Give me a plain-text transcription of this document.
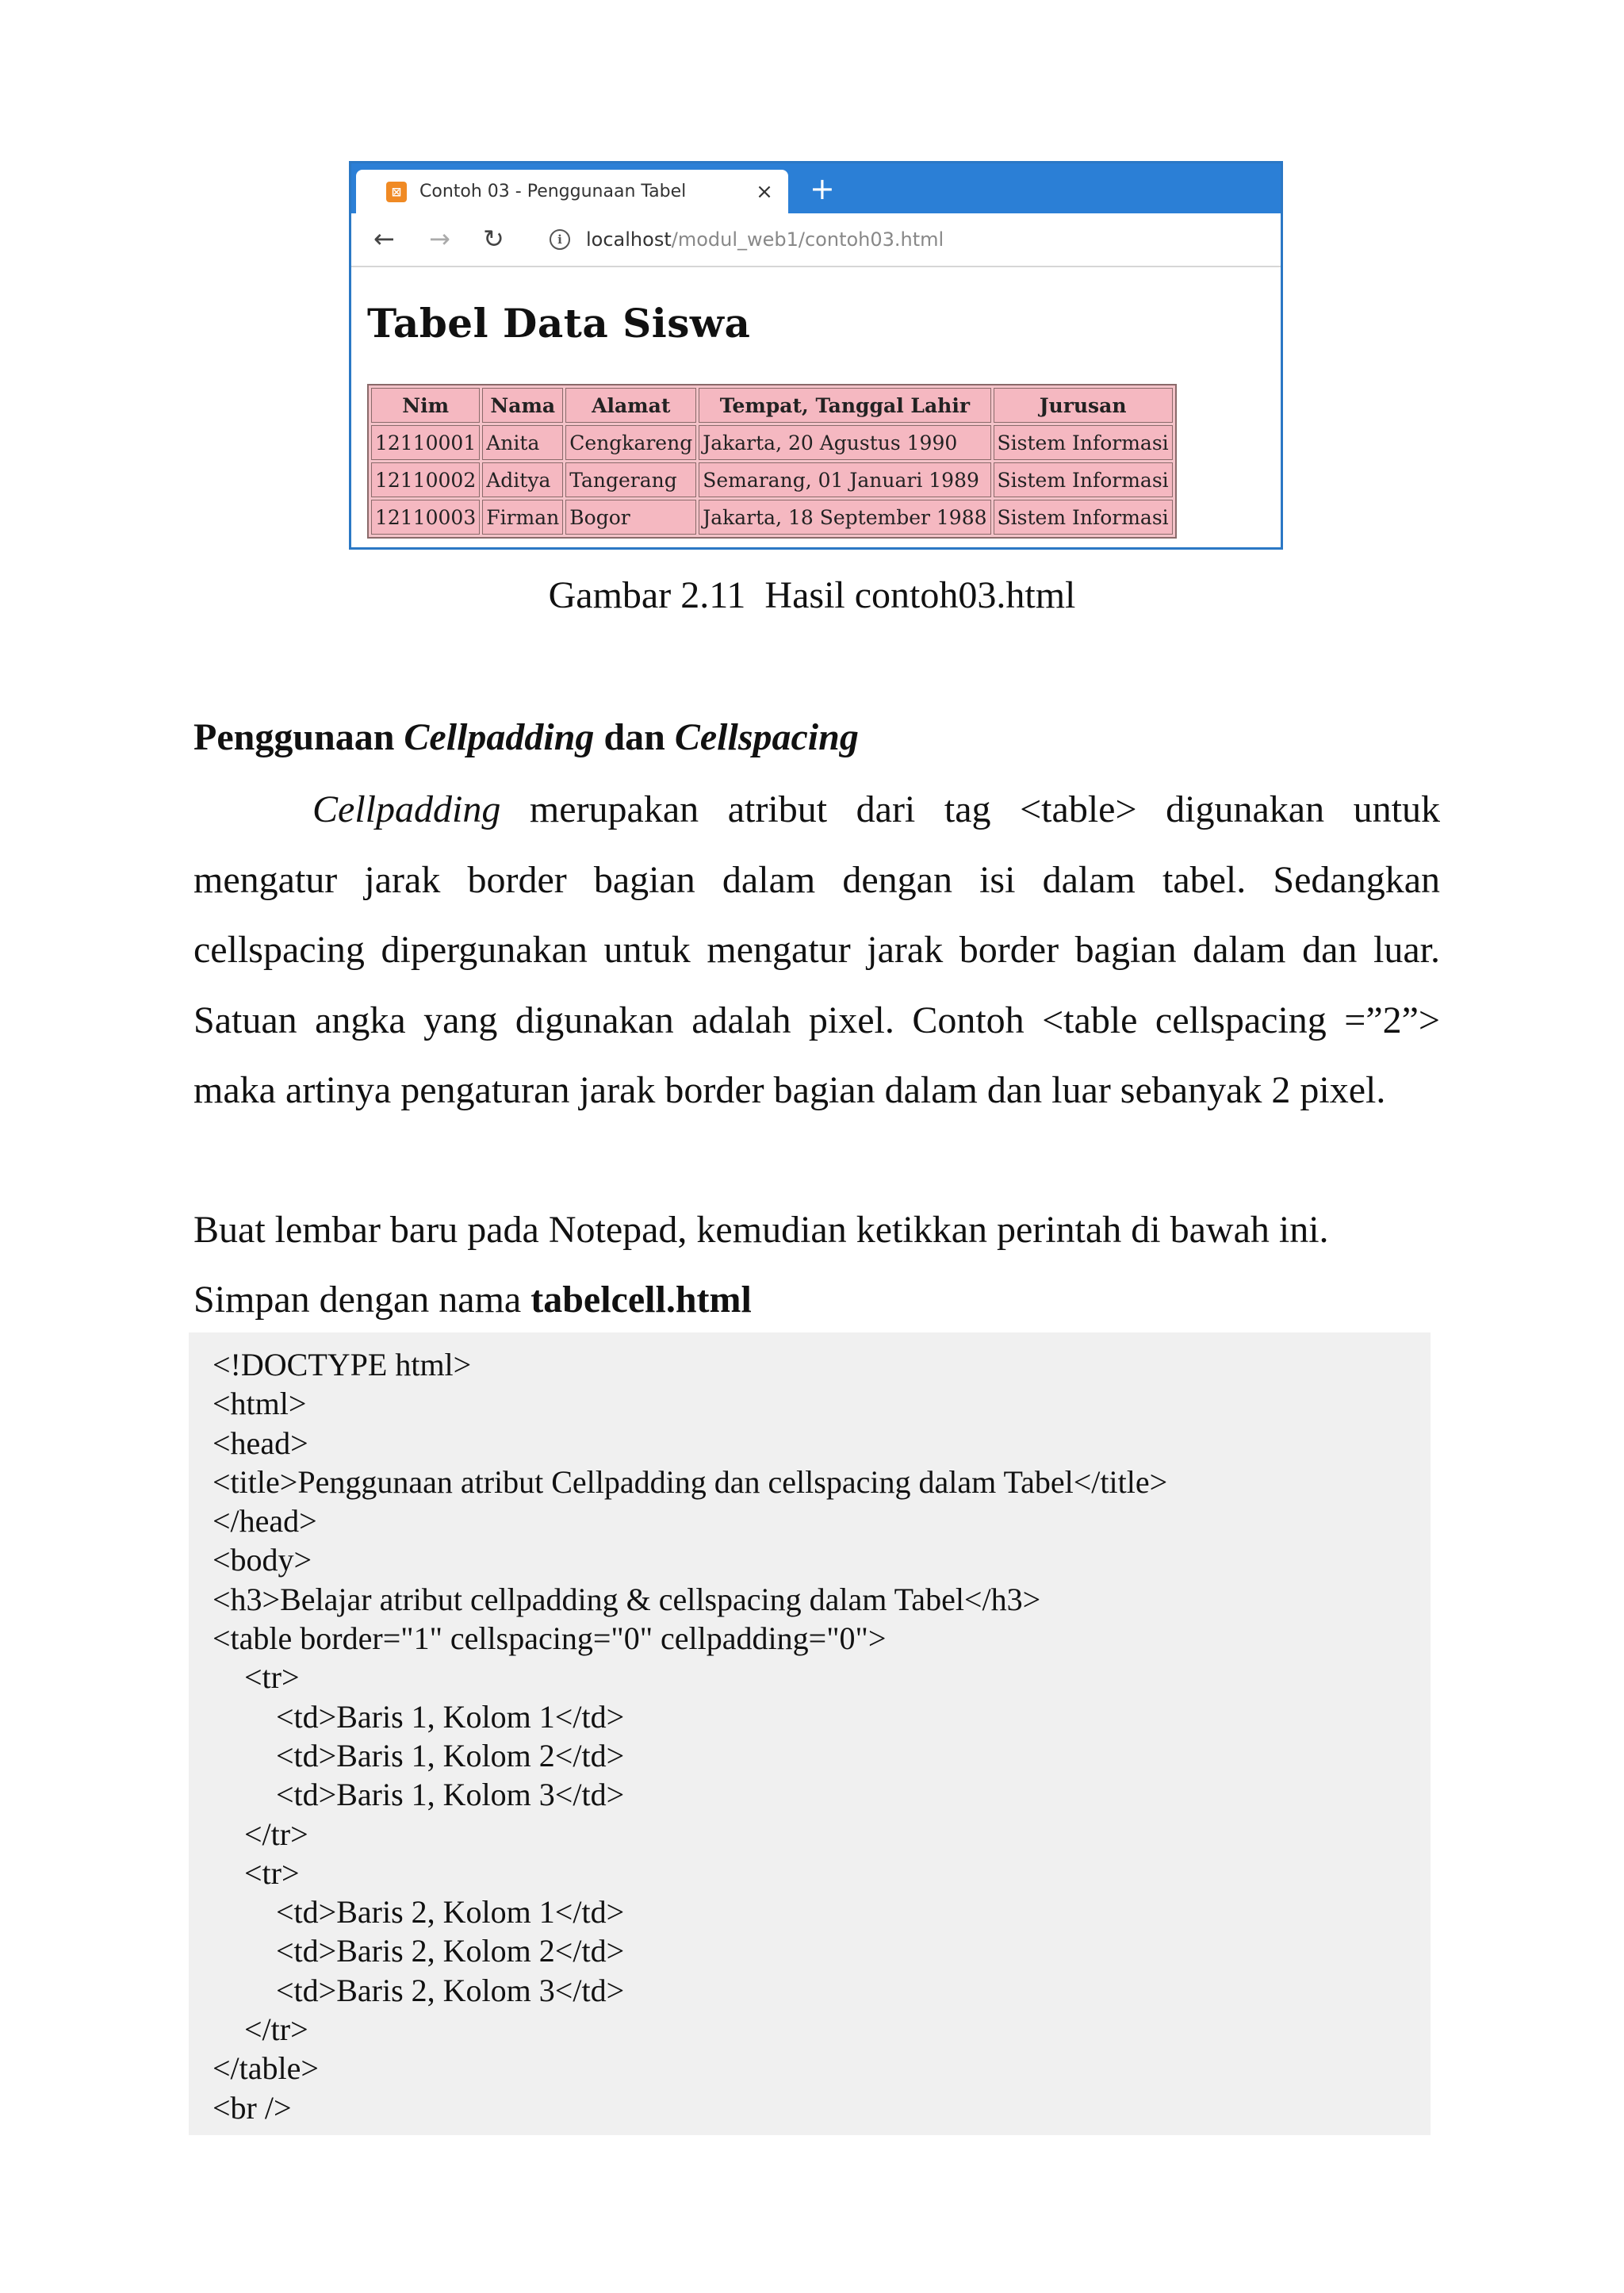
⊠	Contoh 03 - Penggunaan Tabel	× +
← → ↻	i	localhost /modul_web1/contoh03.html
Tabel Data Siswa
Nim	Nama	Alamat	Tempat, Tanggal Lahir	Jurusan
12110001	Anita	Cengkareng	Jakarta, 20 Agustus 1990	Sistem Informasi
12110002	Aditya	Tangerang	Semarang, 01 Januari 1989	Sistem Informasi
12110003	Firman	Bogor	Jakarta, 18 September 1988	Sistem Informasi
Gambar 2.11 Hasil contoh03.html
Penggunaan Cellpadding dan Cellspacing

Cellpadding merupakan atribut dari tag <table> digunakan untuk mengatur jarak border bagian dalam dengan isi dalam tabel. Sedangkan cellspacing dipergunakan untuk mengatur jarak border bagian dalam dan luar. Satuan angka yang digunakan adalah pixel. Contoh <table cellspacing =”2”> maka artinya pengaturan jarak border bagian dalam dan luar sebanyak 2 pixel.

Buat lembar baru pada Notepad, kemudian ketikkan perintah di bawah ini.

Simpan dengan nama tabelcell.html

<!DOCTYPE html>
<html>
<head>
<title>Penggunaan atribut Cellpadding dan cellspacing dalam Tabel</title>
</head>
<body>
<h3>Belajar atribut cellpadding & cellspacing dalam Tabel</h3>
<table border="1" cellspacing="0" cellpadding="0">
<tr>
<td>Baris 1, Kolom 1</td>
<td>Baris 1, Kolom 2</td>
<td>Baris 1, Kolom 3</td>
</tr>
<tr>
<td>Baris 2, Kolom 1</td>
<td>Baris 2, Kolom 2</td>
<td>Baris 2, Kolom 3</td>
</tr>
</table>
<br />
